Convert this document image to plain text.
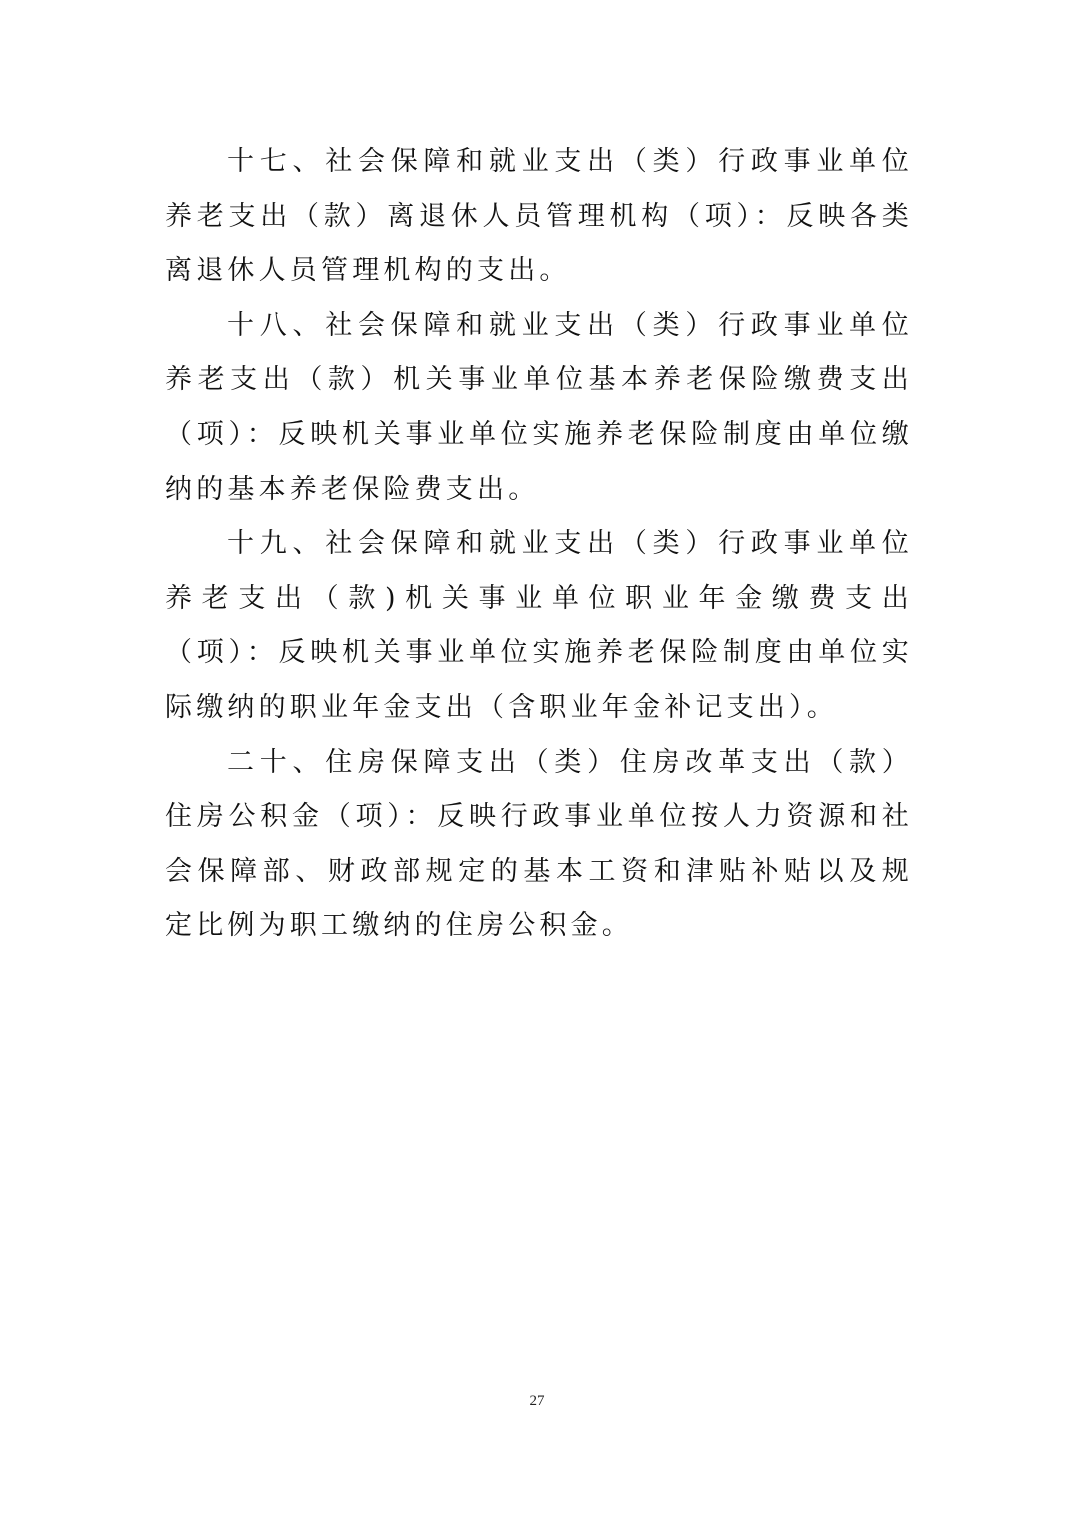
十七、社会保障和就业支出（类）行政事业单位养老支出（款）离退休人员管理机构（项）：反映各类离退休人员管理机构的支出。

十八、社会保障和就业支出（类）行政事业单位养老支出（款）机关事业单位基本养老保险缴费支出（项）：反映机关事业单位实施养老保险制度由单位缴纳的基本养老保险费支出。

十九、社会保障和就业支出（类）行政事业单位养老支出（款)机关事业单位职业年金缴费支出（项）：反映机关事业单位实施养老保险制度由单位实际缴纳的职业年金支出（含职业年金补记支出）。

二十、住房保障支出（类）住房改革支出（款）住房公积金（项）：反映行政事业单位按人力资源和社会保障部、财政部规定的基本工资和津贴补贴以及规定比例为职工缴纳的住房公积金。

27
